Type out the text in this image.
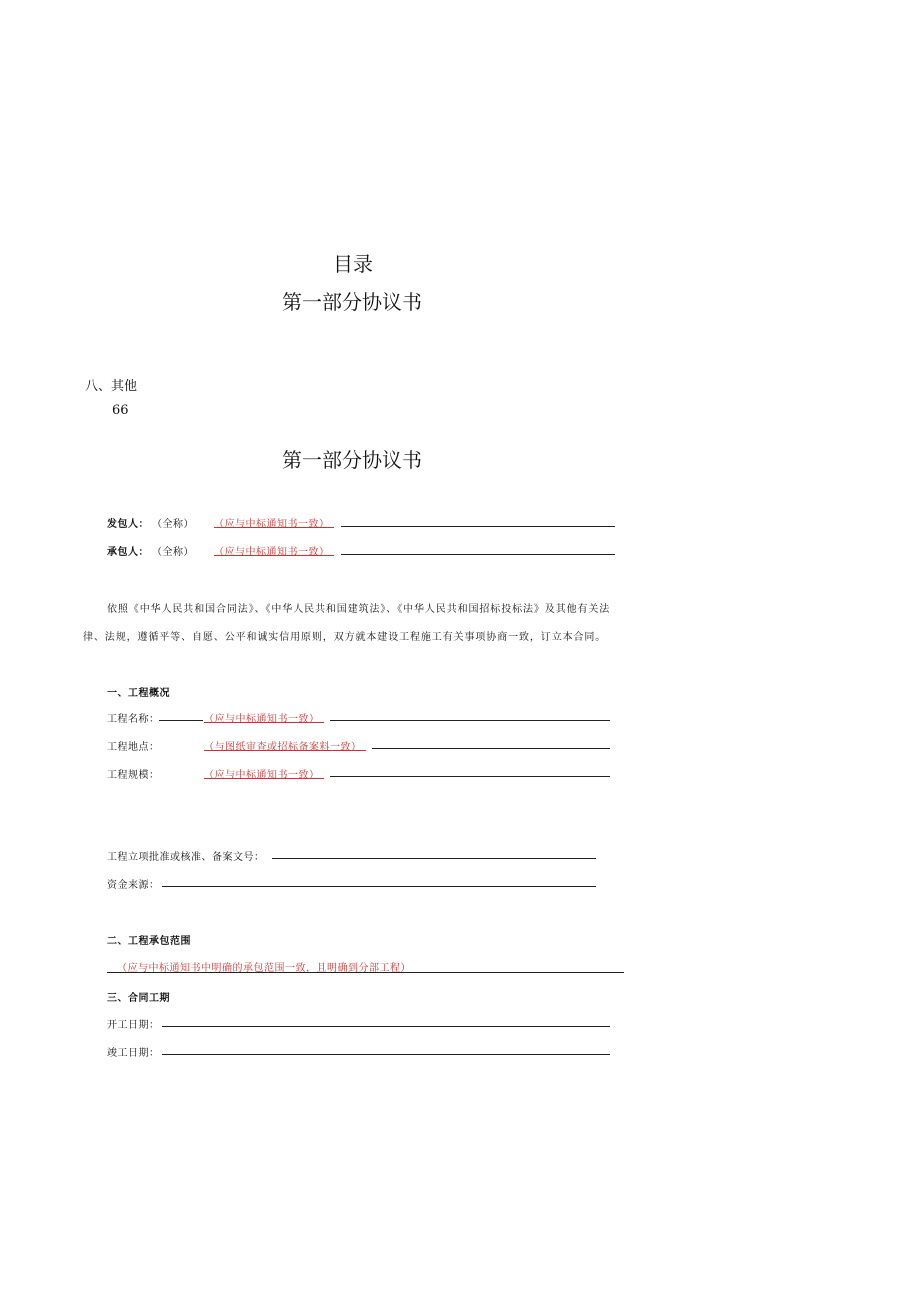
目录
第一部分协议书
八、其他
66
第一部分协议书
发包人： （全称） （应与中标通知书一致）
承包人： （全称） （应与中标通知书一致）
依照《中华人民共和国合同法》、《中华人民共和国建筑法》、《中华人民共和国招标投标法》及其他有关法
律、法规，遵循平等、自愿、公平和诚实信用原则，双方就本建设工程施工有关事项协商一致，订立本合同。
一、工程概况
工程名称：	（应与中标通知书一致）
工程地点：	（与图纸审查或招标备案料一致）
工程规模：	（应与中标通知书一致）
工程立项批准或核准、备案文号：
资金来源：
二、工程承包范围
（应与中标通知书中明确的承包范围一致，且明确到分部工程）
三、合同工期
开工日期：
竣工日期：
